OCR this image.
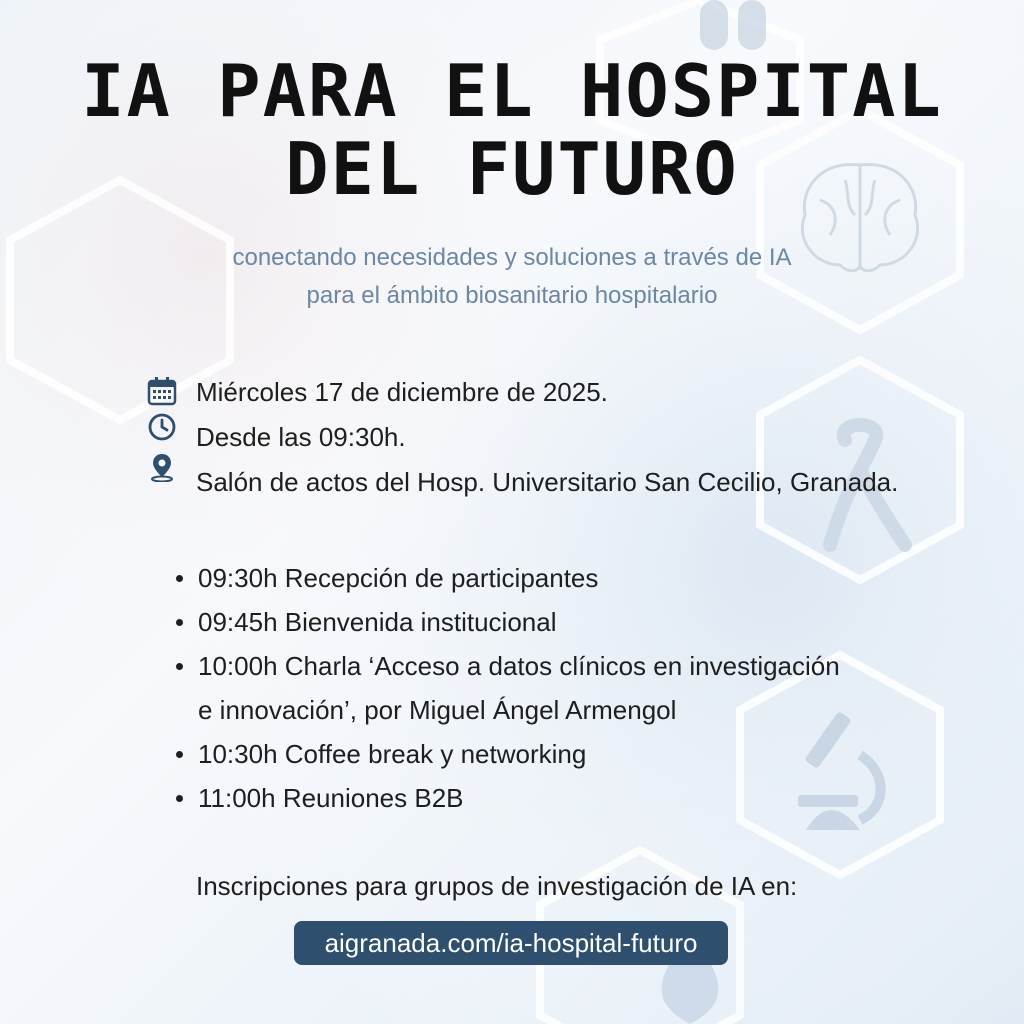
IA PARA EL HOSPITAL
DEL FUTURO
conectando necesidades y soluciones a través de IA
para el ámbito biosanitario hospitalario
Miércoles 17 de diciembre de 2025.
Desde las 09:30h.
Salón de actos del Hosp. Universitario San Cecilio, Granada.
09:30h Recepción de participantes
09:45h Bienvenida institucional
10:00h Charla ‘Acceso a datos clínicos en investigación
e innovación’, por Miguel Ángel Armengol
10:30h Coffee break y networking
11:00h Reuniones B2B
Inscripciones para grupos de investigación de IA en:
aigranada.com/ia-hospital-futuro
